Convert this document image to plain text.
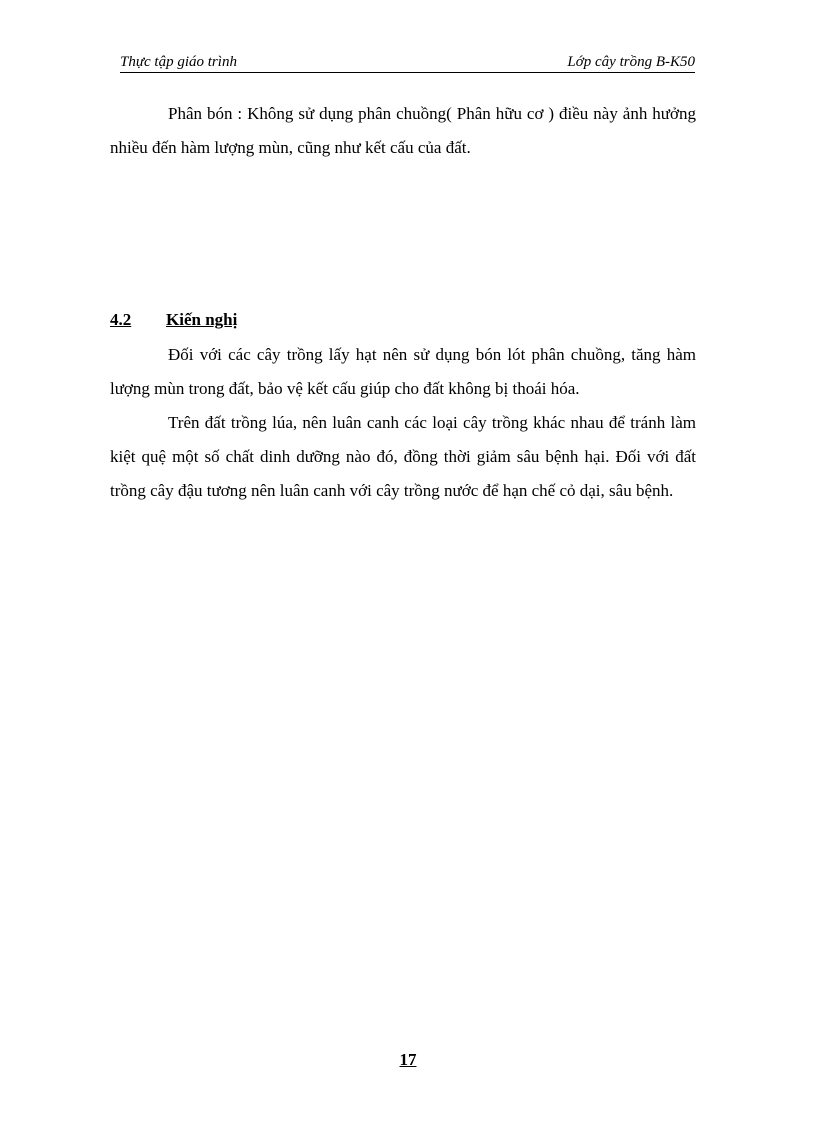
Thực tập giáo trình	Lớp cây trồng B-K50

Phân bón : Không sử dụng phân chuồng( Phân hữu cơ ) điều này ảnh hưởng nhiều đến hàm lượng mùn, cũng như kết cấu của đất.

4.2 Kiến nghị

Đối với các cây trồng lấy hạt nên sử dụng bón lót phân chuồng, tăng hàm lượng mùn trong đất, bảo vệ kết cấu giúp cho đất không bị thoái hóa.

Trên đất trồng lúa, nên luân canh các loại cây trồng khác nhau để tránh làm kiệt quệ một số chất dinh dưỡng nào đó, đồng thời giảm sâu bệnh hại. Đối với đất trồng cây đậu tương nên luân canh với cây trồng nước để hạn chế cỏ dại, sâu bệnh.

17
